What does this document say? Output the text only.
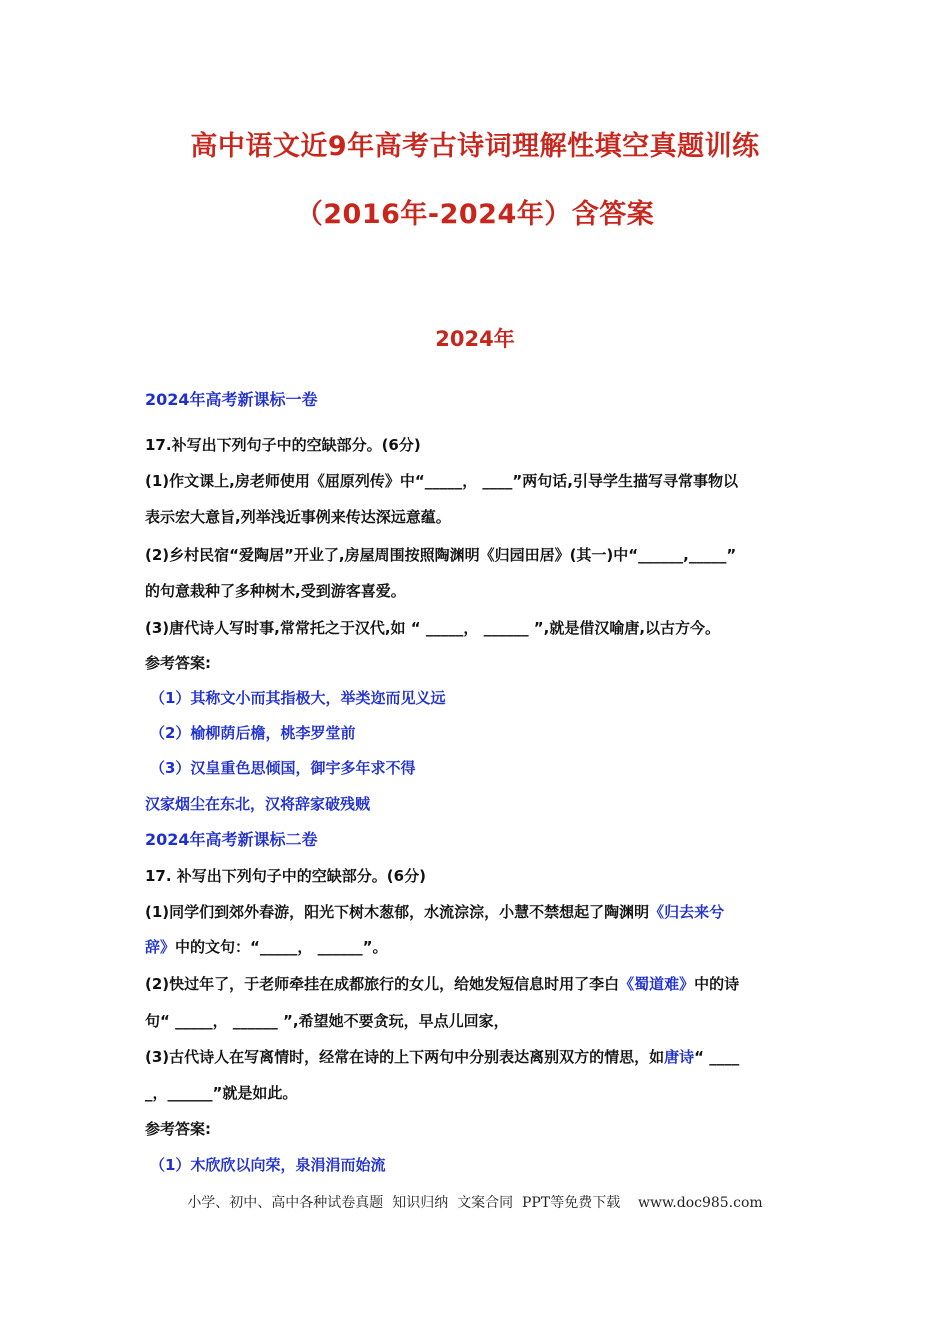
高中语文近9年高考古诗词理解性填空真题训练
（2016年-2024年）含答案
2024年
2024年高考新课标一卷
17.补写出下列句子中的空缺部分。(6分)
(1)作文课上,房老师使用《屈原列传》中“_____， ____”两句话,引导学生描写寻常事物以
表示宏大意旨,列举浅近事例来传达深远意蕴。
(2)乡村民宿“爱陶居”开业了,房屋周围按照陶渊明《归园田居》(其一)中“______,_____”
的句意栽种了多种树木,受到游客喜爱。
(3)唐代诗人写时事,常常托之于汉代,如 “ _____， ______ ”,就是借汉喻唐,以古方今。
参考答案:
（1）其称文小而其指极大，举类迩而见义远
（2）榆柳荫后檐，桃李罗堂前
（3）汉皇重色思倾国，御宇多年求不得
汉家烟尘在东北，汉将辞家破残贼
2024年高考新课标二卷
17. 补写出下列句子中的空缺部分。(6分)
(1)同学们到郊外春游，阳光下树木葱郁，水流淙淙，小慧不禁想起了陶渊明《归去来兮
辞》中的文句：“_____， ______”。
(2)快过年了，于老师牵挂在成都旅行的女儿，给她发短信息时用了李白《蜀道难》中的诗
句“ _____， ______ ”,希望她不要贪玩，早点儿回家，
(3)古代诗人在写离情时，经常在诗的上下两句中分别表达离别双方的情思，如唐诗“ ____
_，______”就是如此。
参考答案:
（1）木欣欣以向荣，泉涓涓而始流
小学、初中、高中各种试卷真题  知识归纳  文案合同  PPT等免费下载    www.doc985.com
